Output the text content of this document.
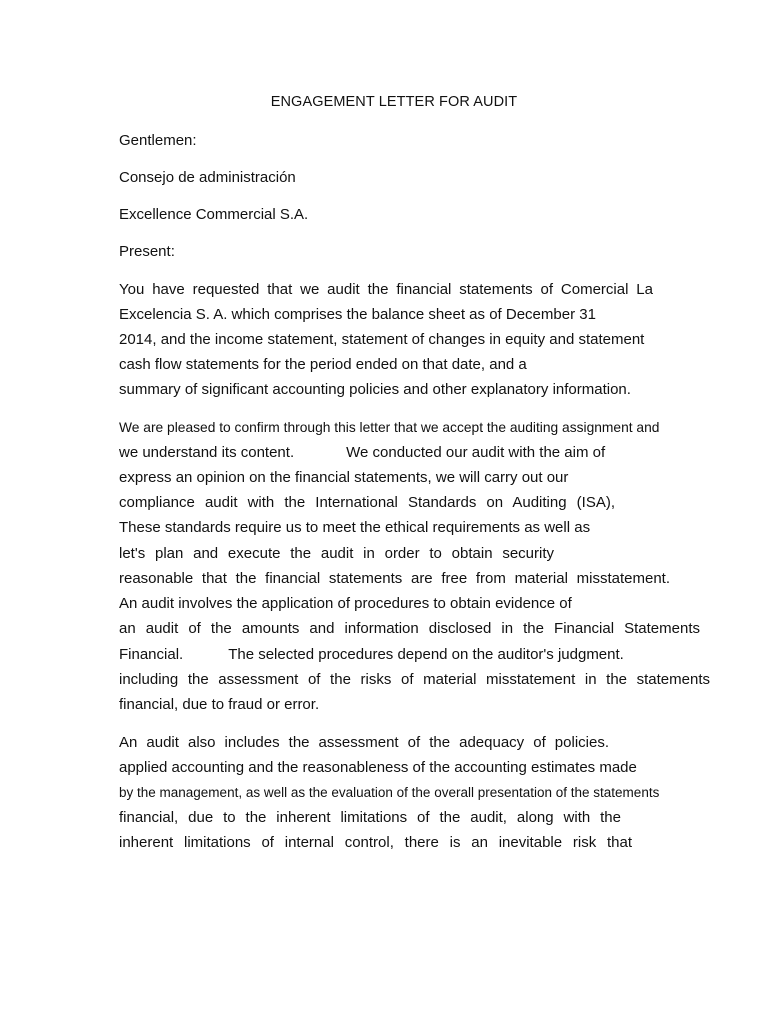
ENGAGEMENT LETTER FOR AUDIT
Gentlemen:
Consejo de administración
Excellence Commercial S.A.
Present:
You have requested that we audit the financial statements of Comercial La
Excelencia S. A. which comprises the balance sheet as of December 31
2014, and the income statement, statement of changes in equity and statement
cash flow statements for the period ended on that date, and a
summary of significant accounting policies and other explanatory information.
We are pleased to confirm through this letter that we accept the auditing assignment and
we understand its content.	We conducted our audit with the aim of
express an opinion on the financial statements, we will carry out our
compliance audit with the International Standards on Auditing (ISA),
These standards require us to meet the ethical requirements as well as
let's plan and execute the audit in order to obtain security
reasonable that the financial statements are free from material misstatement.
An audit involves the application of procedures to obtain evidence of
an audit of the amounts and information disclosed in the Financial Statements
Financial.	The selected procedures depend on the auditor's judgment.
including the assessment of the risks of material misstatement in the statements
financial, due to fraud or error.
An audit also includes the assessment of the adequacy of policies.
applied accounting and the reasonableness of the accounting estimates made
by the management, as well as the evaluation of the overall presentation of the statements
financial, due to the inherent limitations of the audit, along with the
inherent limitations of internal control, there is an inevitable risk that
